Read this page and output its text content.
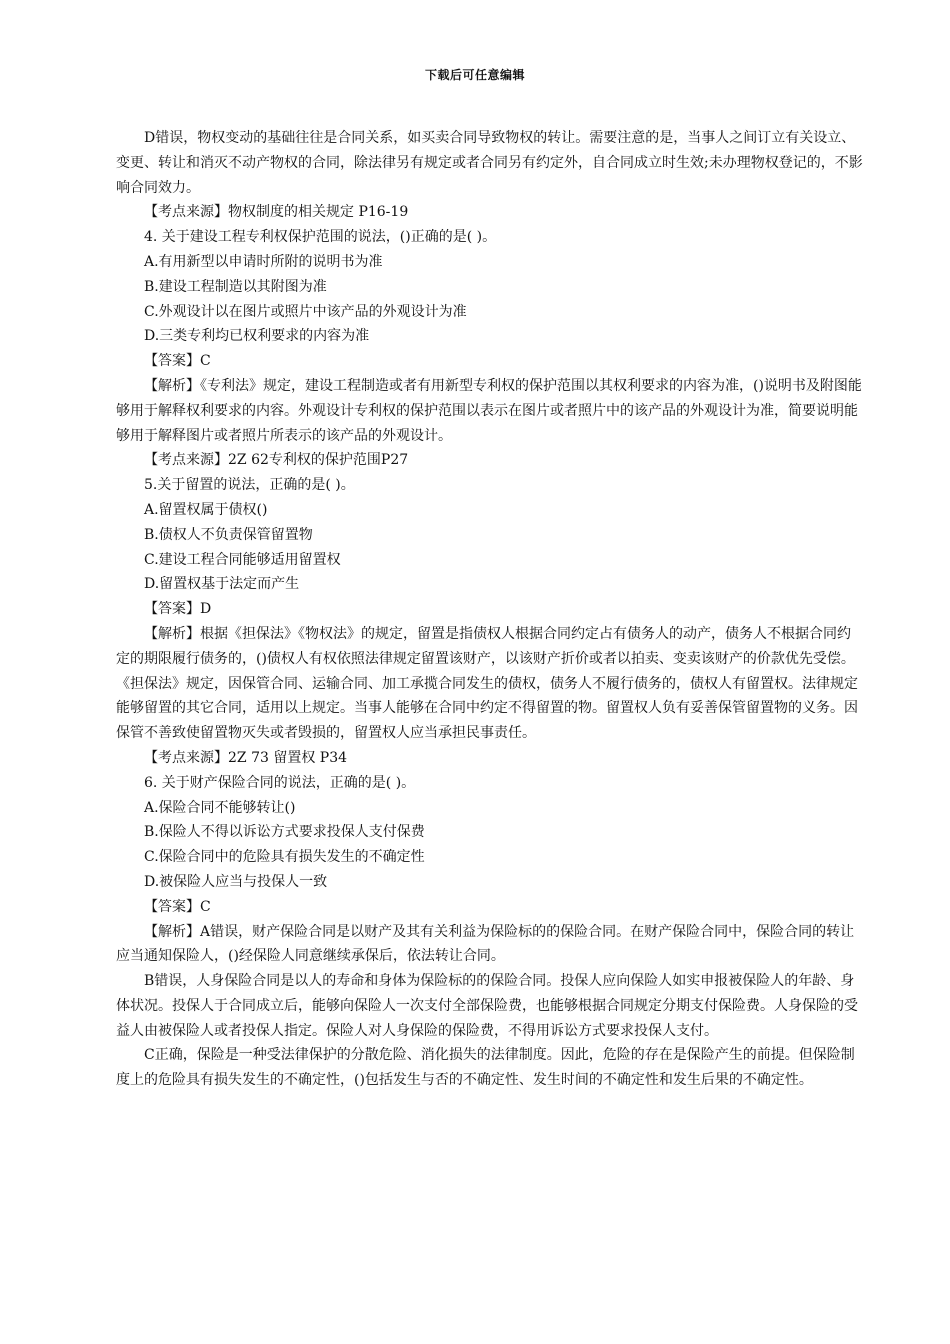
下载后可任意编辑

D错误，物权变动的基础往往是合同关系，如买卖合同导致物权的转让。需要注意的是，当事人之间订立有关设立、变更、转让和消灭不动产物权的合同，除法律另有规定或者合同另有约定外，自合同成立时生效;未办理物权登记的，不影响合同效力。

【考点来源】物权制度的相关规定 P16-19

4. 关于建设工程专利权保护范围的说法，()正确的是( )。

A.有用新型以申请时所附的说明书为准

B.建设工程制造以其附图为准

C.外观设计以在图片或照片中该产品的外观设计为准

D.三类专利均已权利要求的内容为准

【答案】C

【解析】《专利法》规定，建设工程制造或者有用新型专利权的保护范围以其权利要求的内容为准，()说明书及附图能够用于解释权利要求的内容。外观设计专利权的保护范围以表示在图片或者照片中的该产品的外观设计为准，简要说明能够用于解释图片或者照片所表示的该产品的外观设计。

【考点来源】2Z 62专利权的保护范围P27

5.关于留置的说法，正确的是( )。

A.留置权属于债权()

B.债权人不负责保管留置物

C.建设工程合同能够适用留置权

D.留置权基于法定而产生

【答案】D

【解析】根据《担保法》《物权法》的规定，留置是指债权人根据合同约定占有债务人的动产，债务人不根据合同约定的期限履行债务的，()债权人有权依照法律规定留置该财产，以该财产折价或者以拍卖、变卖该财产的价款优先受偿。《担保法》规定，因保管合同、运输合同、加工承揽合同发生的债权，债务人不履行债务的，债权人有留置权。法律规定能够留置的其它合同，适用以上规定。当事人能够在合同中约定不得留置的物。留置权人负有妥善保管留置物的义务。因保管不善致使留置物灭失或者毁损的，留置权人应当承担民事责任。

【考点来源】2Z 73 留置权 P34

6. 关于财产保险合同的说法，正确的是( )。

A.保险合同不能够转让()

B.保险人不得以诉讼方式要求投保人支付保费

C.保险合同中的危险具有损失发生的不确定性

D.被保险人应当与投保人一致

【答案】C

【解析】A错误，财产保险合同是以财产及其有关利益为保险标的的保险合同。在财产保险合同中，保险合同的转让应当通知保险人，()经保险人同意继续承保后，依法转让合同。

B错误，人身保险合同是以人的寿命和身体为保险标的的保险合同。投保人应向保险人如实申报被保险人的年龄、身体状况。投保人于合同成立后，能够向保险人一次支付全部保险费，也能够根据合同规定分期支付保险费。人身保险的受益人由被保险人或者投保人指定。保险人对人身保险的保险费，不得用诉讼方式要求投保人支付。

C正确，保险是一种受法律保护的分散危险、消化损失的法律制度。因此，危险的存在是保险产生的前提。但保险制度上的危险具有损失发生的不确定性，()包括发生与否的不确定性、发生时间的不确定性和发生后果的不确定性。
